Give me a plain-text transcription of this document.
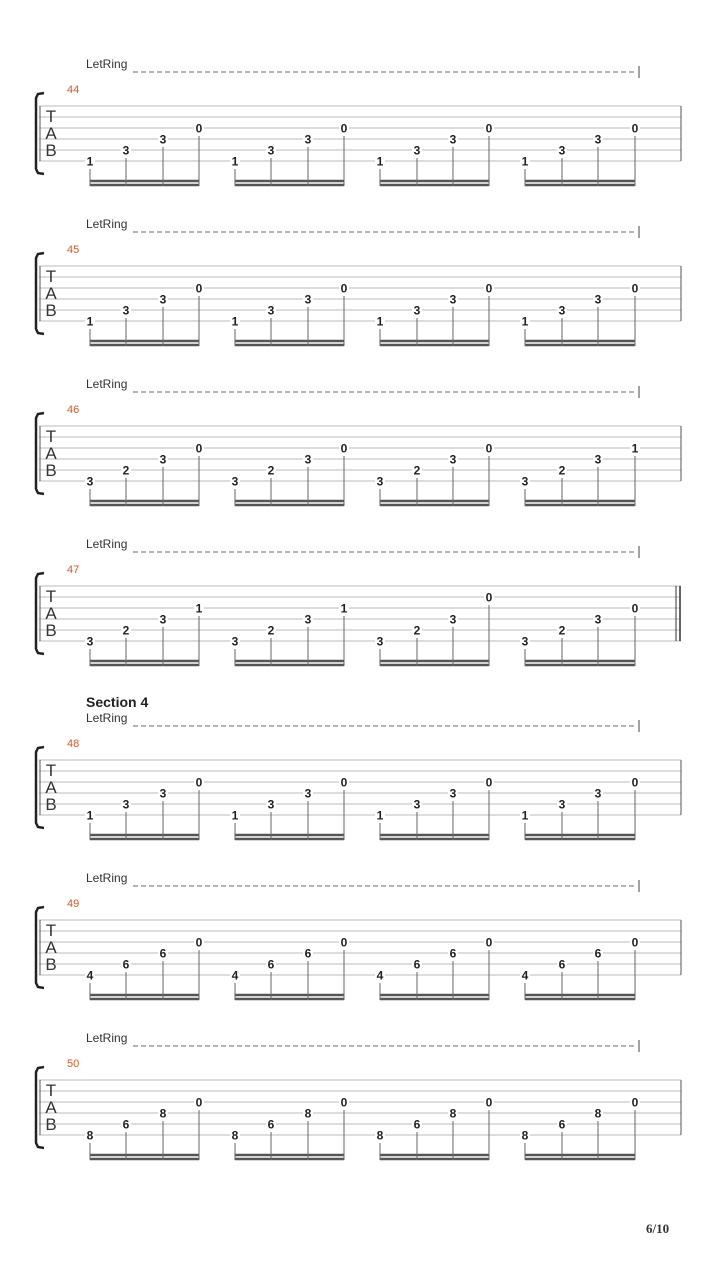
LetRing
44
T
A
B
1
3
3
0
1
3
3
0
1
3
3
0
1
3
3
0
LetRing
45
T
A
B
1
3
3
0
1
3
3
0
1
3
3
0
1
3
3
0
LetRing
46
T
A
B
3
2
3
0
3
2
3
0
3
2
3
0
3
2
3
1
LetRing
47
T
A
B
3
2
3
1
3
2
3
1
3
2
3
0
3
2
3
0
LetRing
48
T
A
B
1
3
3
0
1
3
3
0
1
3
3
0
1
3
3
0
LetRing
49
T
A
B
4
6
6
0
4
6
6
0
4
6
6
0
4
6
6
0
LetRing
50
T
A
B
8
6
8
0
8
6
8
0
8
6
8
0
8
6
8
0
Section 4
6/10
